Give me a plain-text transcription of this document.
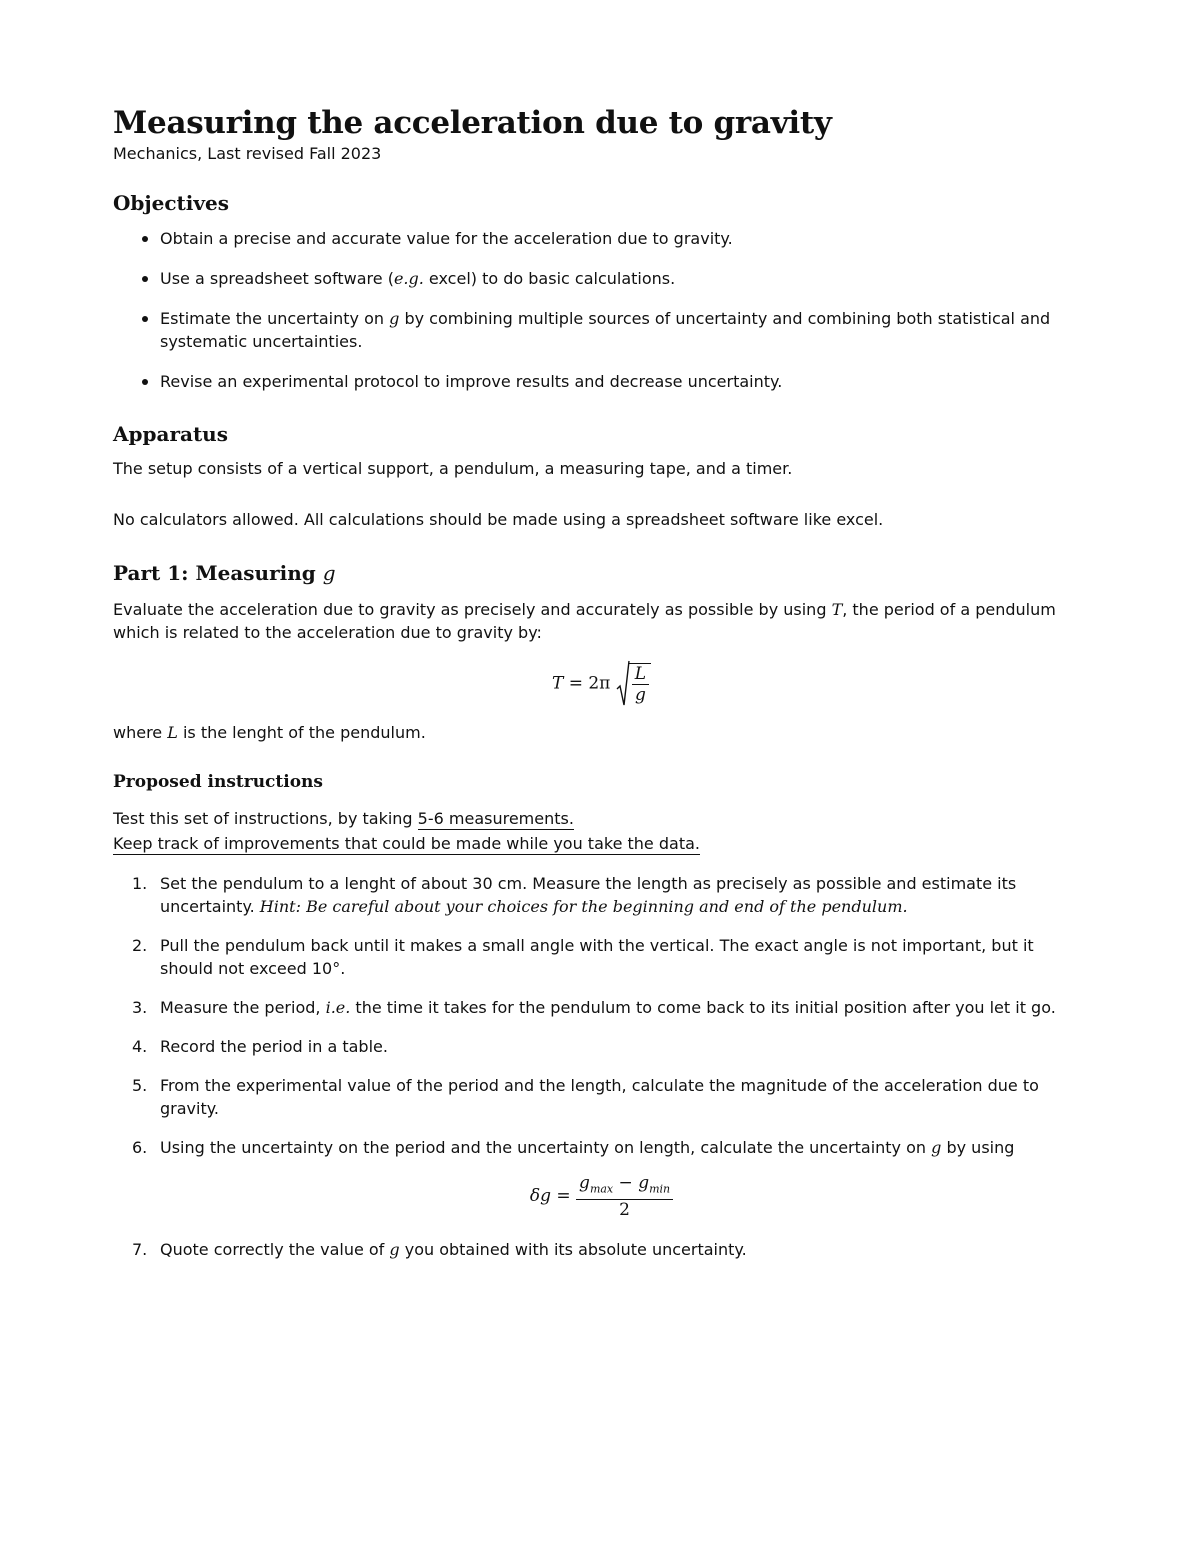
Measuring the acceleration due to gravity
Mechanics, Last revised Fall 2023
Objectives
Obtain a precise and accurate value for the acceleration due to gravity.
Use a spreadsheet software (e.g. excel) to do basic calculations.
Estimate the uncertainty on g by combining multiple sources of uncertainty and combining both statistical and systematic uncertainties.
Revise an experimental protocol to improve results and decrease uncertainty.
Apparatus

The setup consists of a vertical support, a pendulum, a measuring tape, and a timer.

No calculators allowed. All calculations should be made using a spreadsheet software like excel.

Part 1: Measuring g

Evaluate the acceleration due to gravity as precisely and accurately as possible by using T, the period of a pendulum which is related to the acceleration due to gravity by:

$T = 2\pi \frac{L}{g}$

where L is the lenght of the pendulum.

Proposed instructions

Test this set of instructions, by taking 5-6 measurements.

Keep track of improvements that could be made while you take the data.

1. Set the pendulum to a lenght of about 30 cm. Measure the length as precisely as possible and estimate its uncertainty. Hint: Be careful about your choices for the beginning and end of the pendulum.
2. Pull the pendulum back until it makes a small angle with the vertical. The exact angle is not important, but it should not exceed 10°.
3. Measure the period, i.e. the time it takes for the pendulum to come back to its initial position after you let it go.
4. Record the period in a table.
5. From the experimental value of the period and the length, calculate the magnitude of the acceleration due to gravity.
6. Using the uncertainty on the period and the uncertainty on length, calculate the uncertainty on g by using
$\delta g = \frac{g_{max} - g_{min}}{2}$
7. Quote correctly the value of g you obtained with its absolute uncertainty.
